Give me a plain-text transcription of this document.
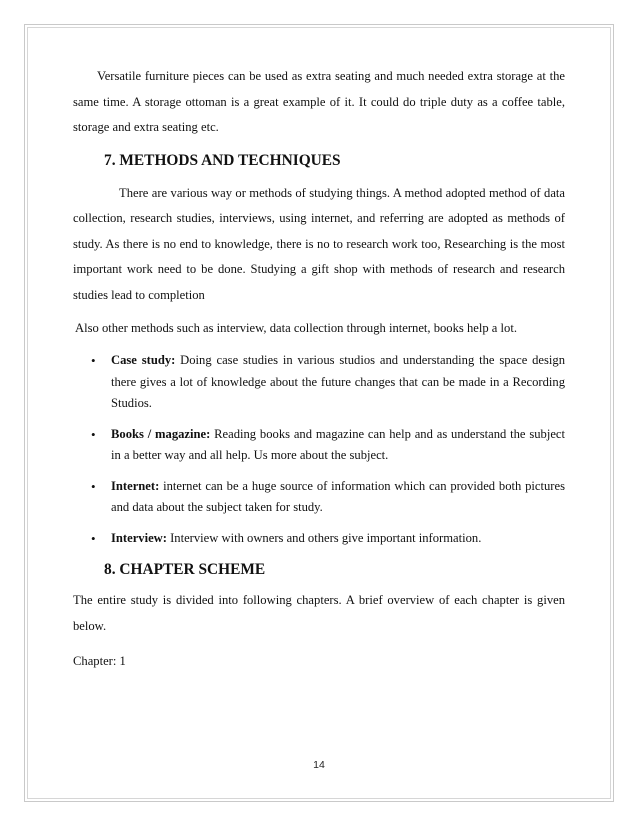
Versatile furniture pieces can be used as extra seating and much needed extra storage at the same time. A storage ottoman is a great example of it. It could do triple duty as a coffee table, storage and extra seating etc.

7. METHODS AND TECHNIQUES

There are various way or methods of studying things. A method adopted method of data collection, research studies, interviews, using internet, and referring are adopted as methods of study. As there is no end to knowledge, there is no to research work too, Researching is the most important work need to be done. Studying a gift shop with methods of research and research studies lead to completion

Also other methods such as interview, data collection through internet, books help a lot.

• Case study: Doing case studies in various studios and understanding the space design there gives a lot of knowledge about the future changes that can be made in a Recording Studios.
• Books / magazine: Reading books and magazine can help and as understand the subject in a better way and all help. Us more about the subject.
• Internet: internet can be a huge source of information which can provided both pictures and data about the subject taken for study.
• Interview: Interview with owners and others give important information.
8. CHAPTER SCHEME

The entire study is divided into following chapters. A brief overview of each chapter is given below.

Chapter: 1

14
